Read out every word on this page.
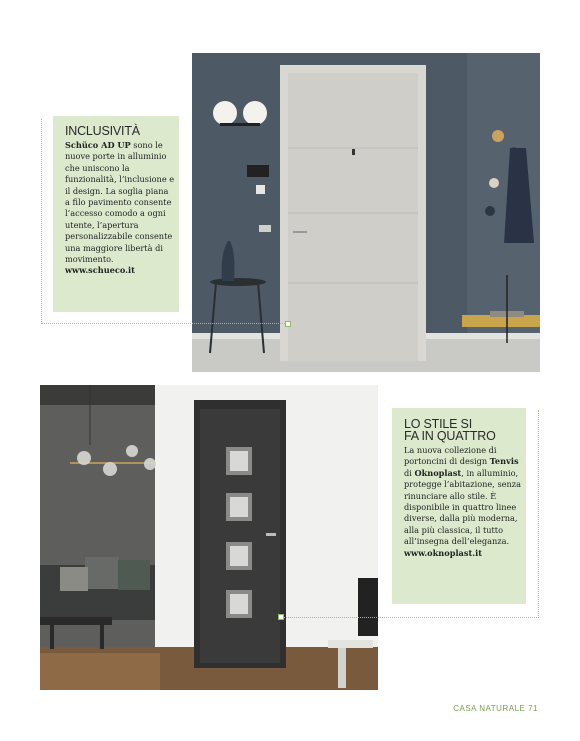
INCLUSIVITÀ
Schüco AD UP sono le nuove porte in alluminio che uniscono la funzionalità, l’inclusione e il design. La soglia piana a filo pavimento consente l’accesso comodo a ogni utente, l’apertura personalizzabile consente una maggiore libertà di movimento.
www.schueco.it
LO STILE SI
FA IN QUATTRO
La nuova collezione di portoncini di design Tenvis di Oknoplast, in alluminio, protegge l’abitazione, senza rinunciare allo stile. È disponibile in quattro linee diverse, dalla più moderna, alla più classica, il tutto all’insegna dell’eleganza.
www.oknoplast.it
CASA NATURALE 71
